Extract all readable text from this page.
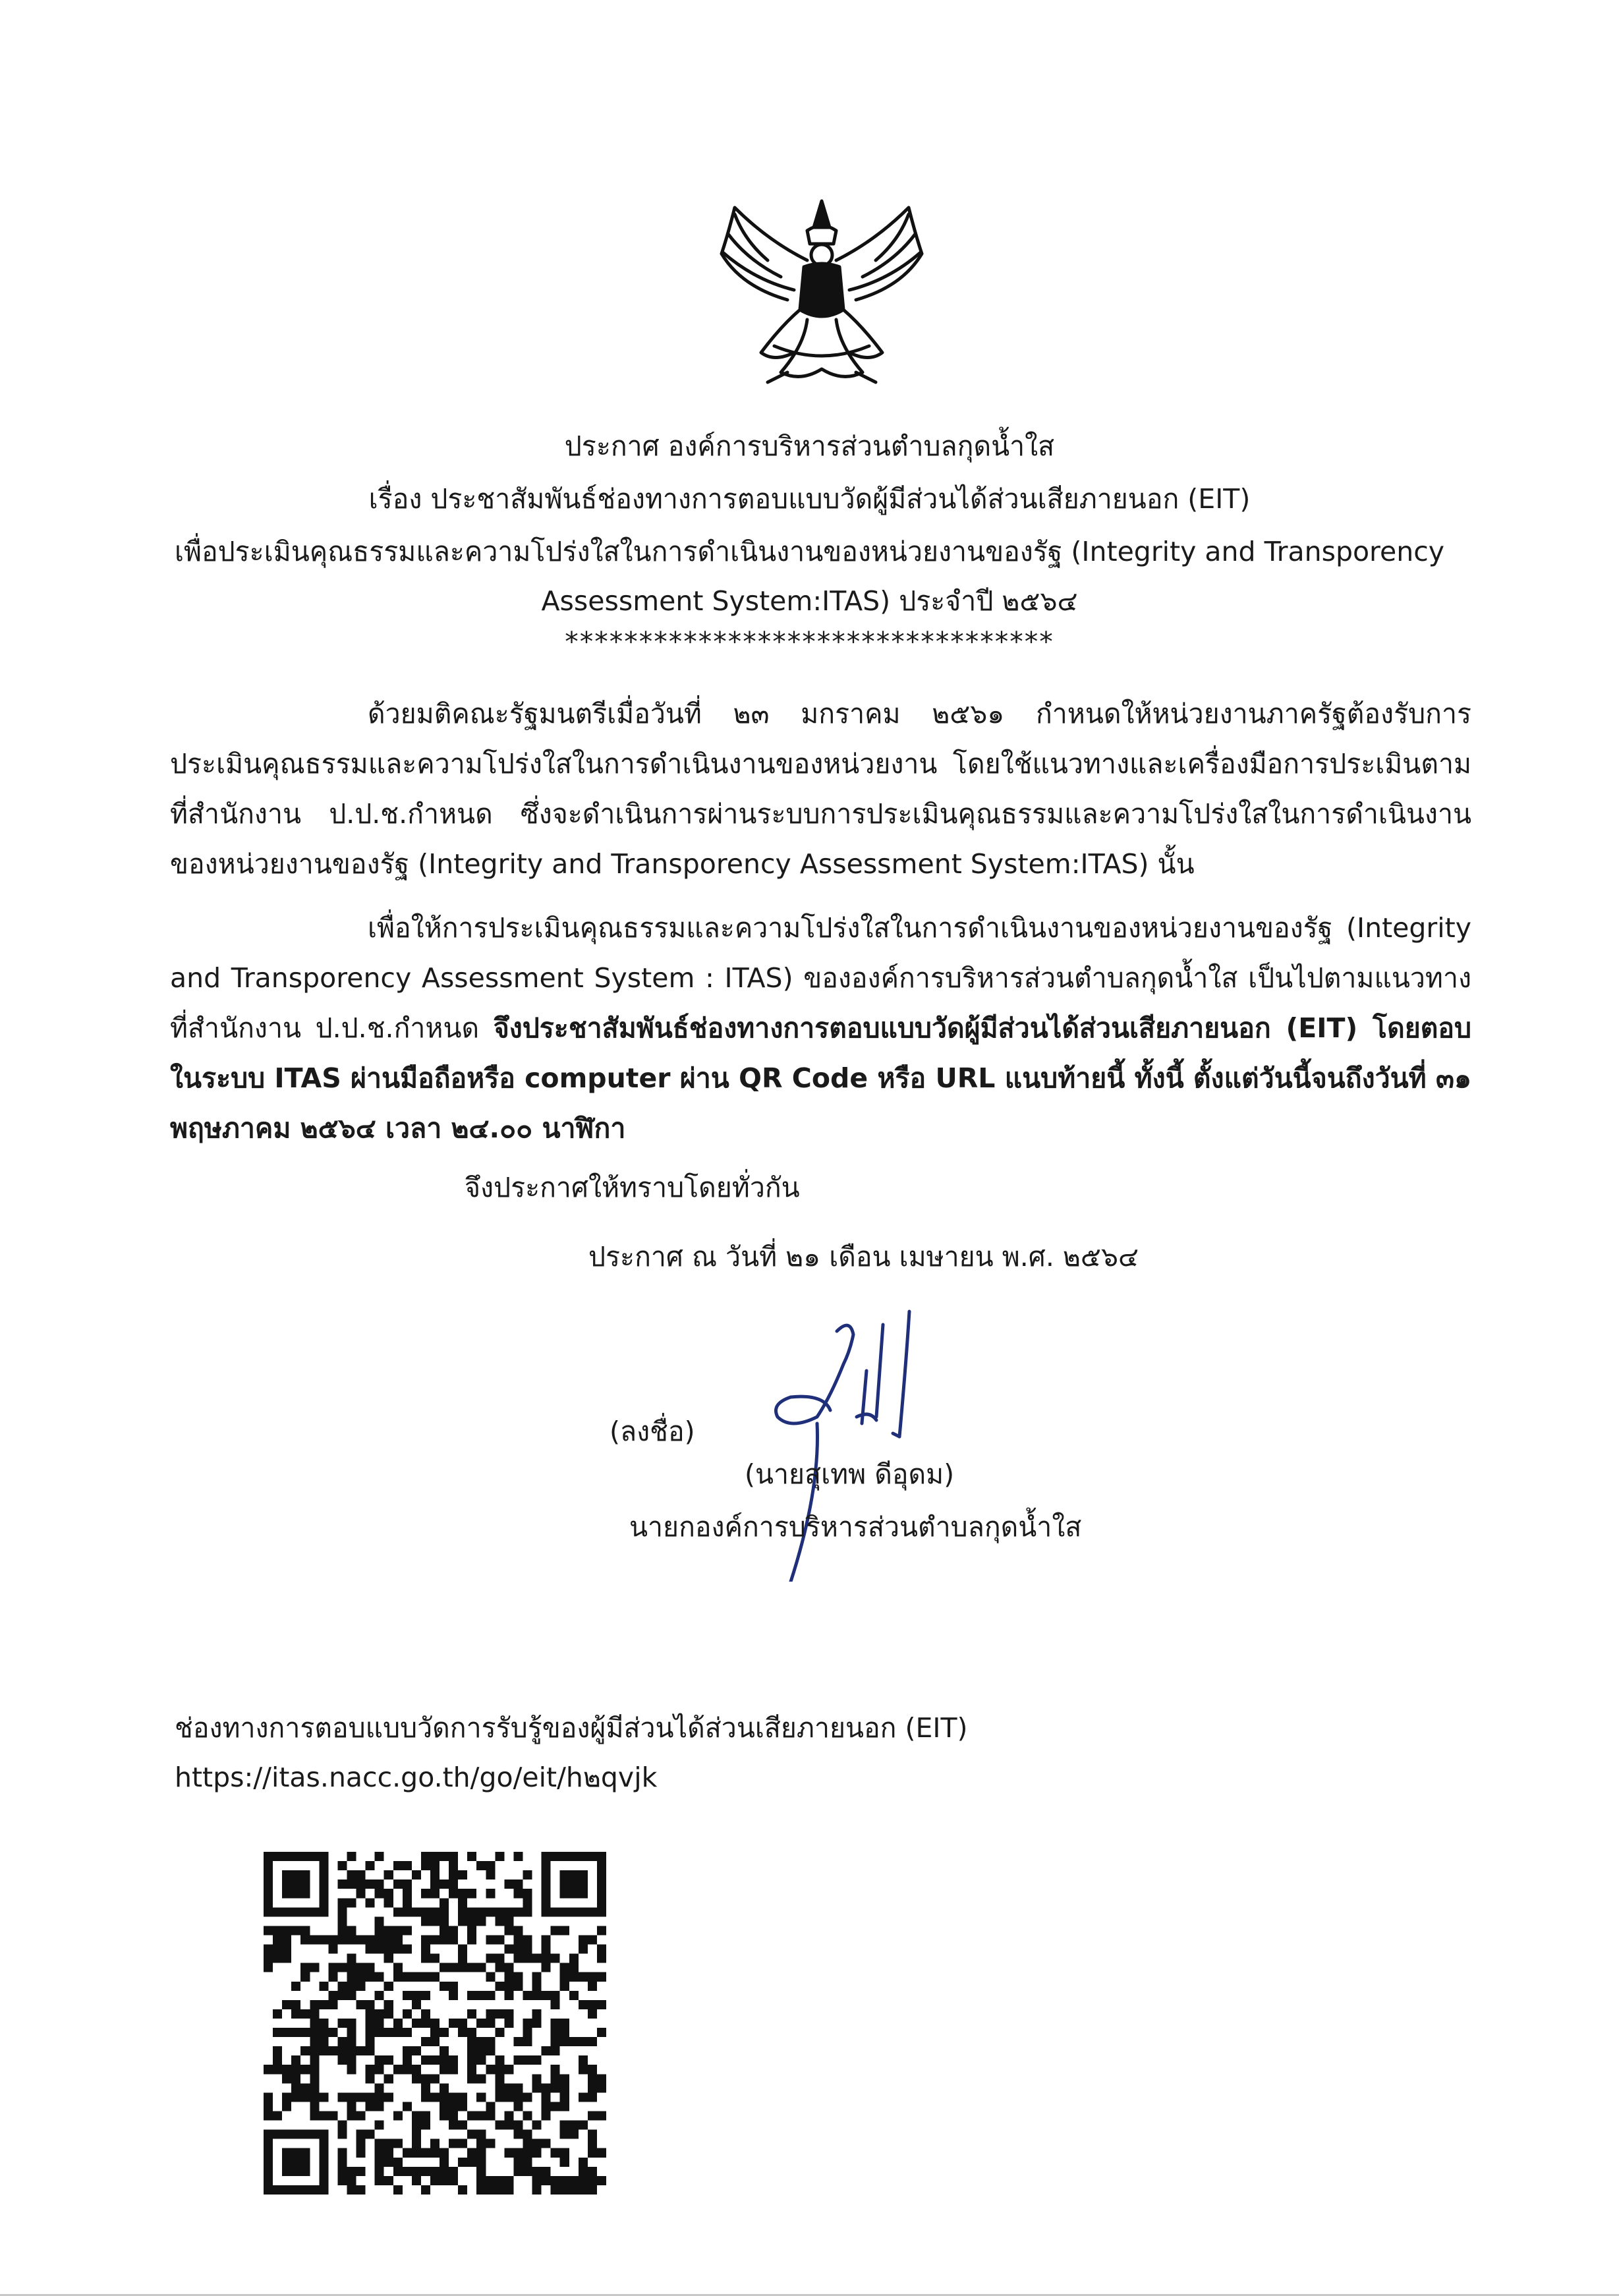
ประกาศ องค์การบริหารส่วนตำบลกุดน้ำใส
เรื่อง ประชาสัมพันธ์ช่องทางการตอบแบบวัดผู้มีส่วนได้ส่วนเสียภายนอก (EIT)
เพื่อประเมินคุณธรรมและความโปร่งใสในการดำเนินงานของหน่วยงานของรัฐ (Integrity and Transporency
Assessment System:ITAS) ประจำปี ๒๕๖๔
*********************************
ด้วยมติคณะรัฐมนตรีเมื่อวันที่ ๒๓ มกราคม ๒๕๖๑ กำหนดให้หน่วยงานภาครัฐต้องรับการประเมินคุณธรรมและความโปร่งใสในการดำเนินงานของหน่วยงาน โดยใช้แนวทางและเครื่องมือการประเมินตามที่สำนักงาน ป.ป.ช.กำหนด ซึ่งจะดำเนินการผ่านระบบการประเมินคุณธรรมและความโปร่งใสในการดำเนินงานของหน่วยงานของรัฐ (Integrity and Transporency Assessment System:ITAS) นั้น
เพื่อให้การประเมินคุณธรรมและความโปร่งใสในการดำเนินงานของหน่วยงานของรัฐ (Integrity and Transporency Assessment System : ITAS) ขององค์การบริหารส่วนตำบลกุดน้ำใส เป็นไปตามแนวทางที่สำนักงาน ป.ป.ช.กำหนด จึงประชาสัมพันธ์ช่องทางการตอบแบบวัดผู้มีส่วนได้ส่วนเสียภายนอก (EIT) โดยตอบในระบบ ITAS ผ่านมือถือหรือ computer ผ่าน QR Code หรือ URL แนบท้ายนี้ ทั้งนี้ ตั้งแต่วันนี้จนถึงวันที่ ๓๑ พฤษภาคม ๒๕๖๔ เวลา ๒๔.๐๐ นาฬิกา
จึงประกาศให้ทราบโดยทั่วกัน
ประกาศ ณ วันที่ ๒๑ เดือน เมษายน พ.ศ. ๒๕๖๔
(ลงชื่อ)
(นายสุเทพ ดีอุดม)
นายกองค์การบริหารส่วนตำบลกุดน้ำใส
ช่องทางการตอบแบบวัดการรับรู้ของผู้มีส่วนได้ส่วนเสียภายนอก (EIT)
https://itas.nacc.go.th/go/eit/h๒qvjk
